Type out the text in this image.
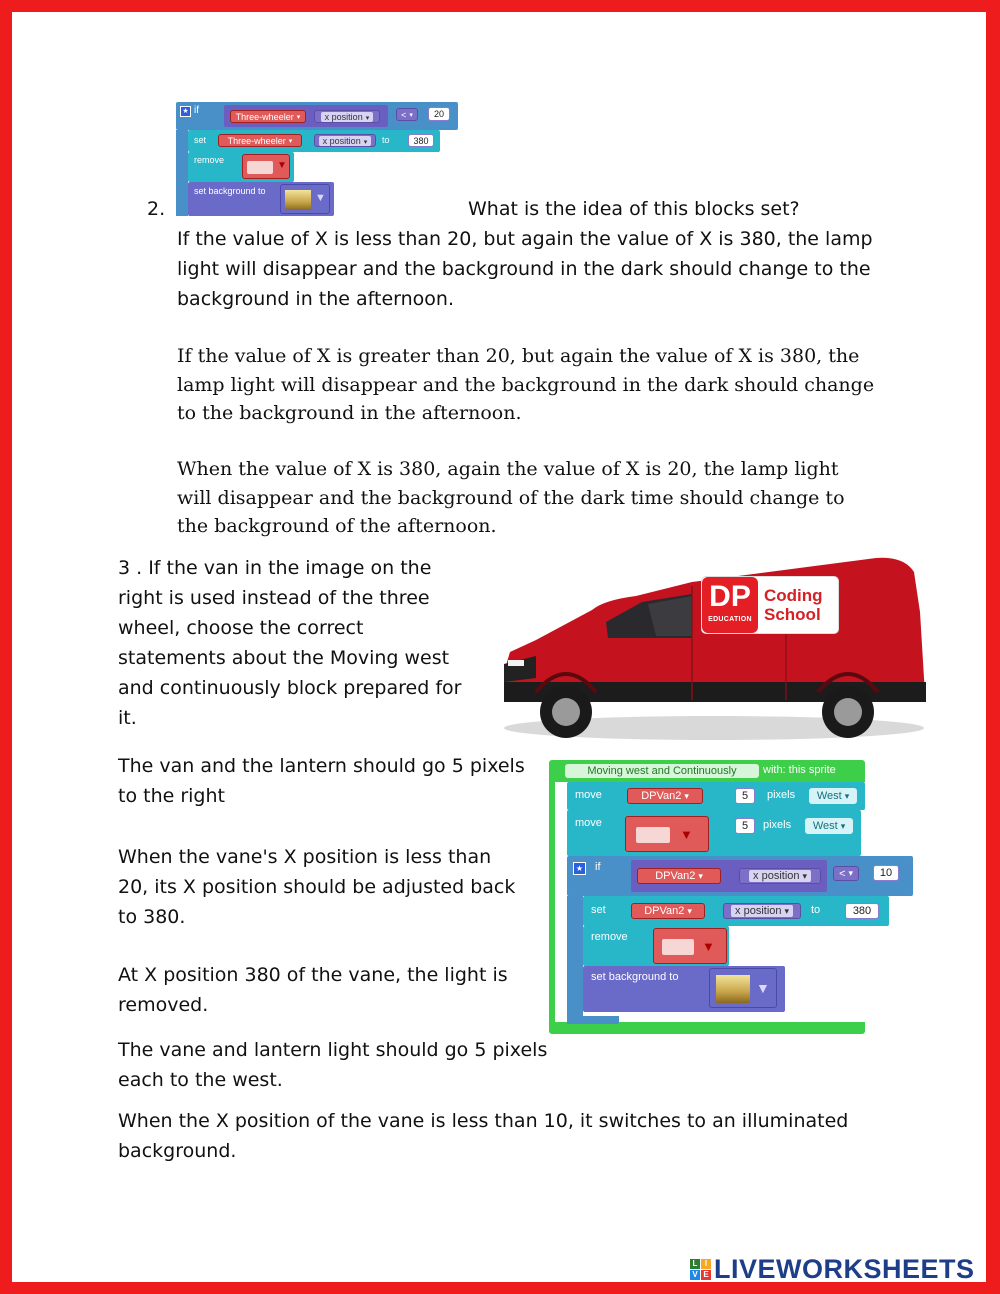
2.
★ if
Three-wheeler ▾	x position ▾	< ▾ 20
set Three-wheeler ▾	x position ▾	to	380
remove	▼
set background to
▼	What is the idea of this blocks set?

If the value of X is less than 20, but again the value of X is 380, the lamp light will disappear and the background in the dark should change to the background in the afternoon.

If the value of X is greater than 20, but again the value of X is 380, the lamp light will disappear and the background in the dark should change to the background in the afternoon.

When the value of X is 380, again the value of X is 20, the lamp light will disappear and the background of the dark time should change to the background of the afternoon.

3 . If the van in the image on the right is used instead of the three wheel, choose the correct statements about the Moving west and continuously block prepared for it.

DP
EDUCATION
Coding
School

The van and the lantern should go 5 pixels to the right

When the vane's X position is less than 20, its X position should be adjusted back to 380.

At X position 380 of the vane, the light is removed.

The vane and lantern light should go 5 pixels each to the west.

When the X position of the vane is less than 10, it switches to an illuminated background.

Moving west and Continuously with: this sprite
move	DPVan2 ▾	5 pixels West ▾
move
▼
5 pixels West ▾
★ if
DPVan2 ▾	x position ▾	< ▾ 10
set	DPVan2 ▾	x position ▾	to	380
remove
▼
set background to
▼
L I
V E LIVEWORKSHEETS
